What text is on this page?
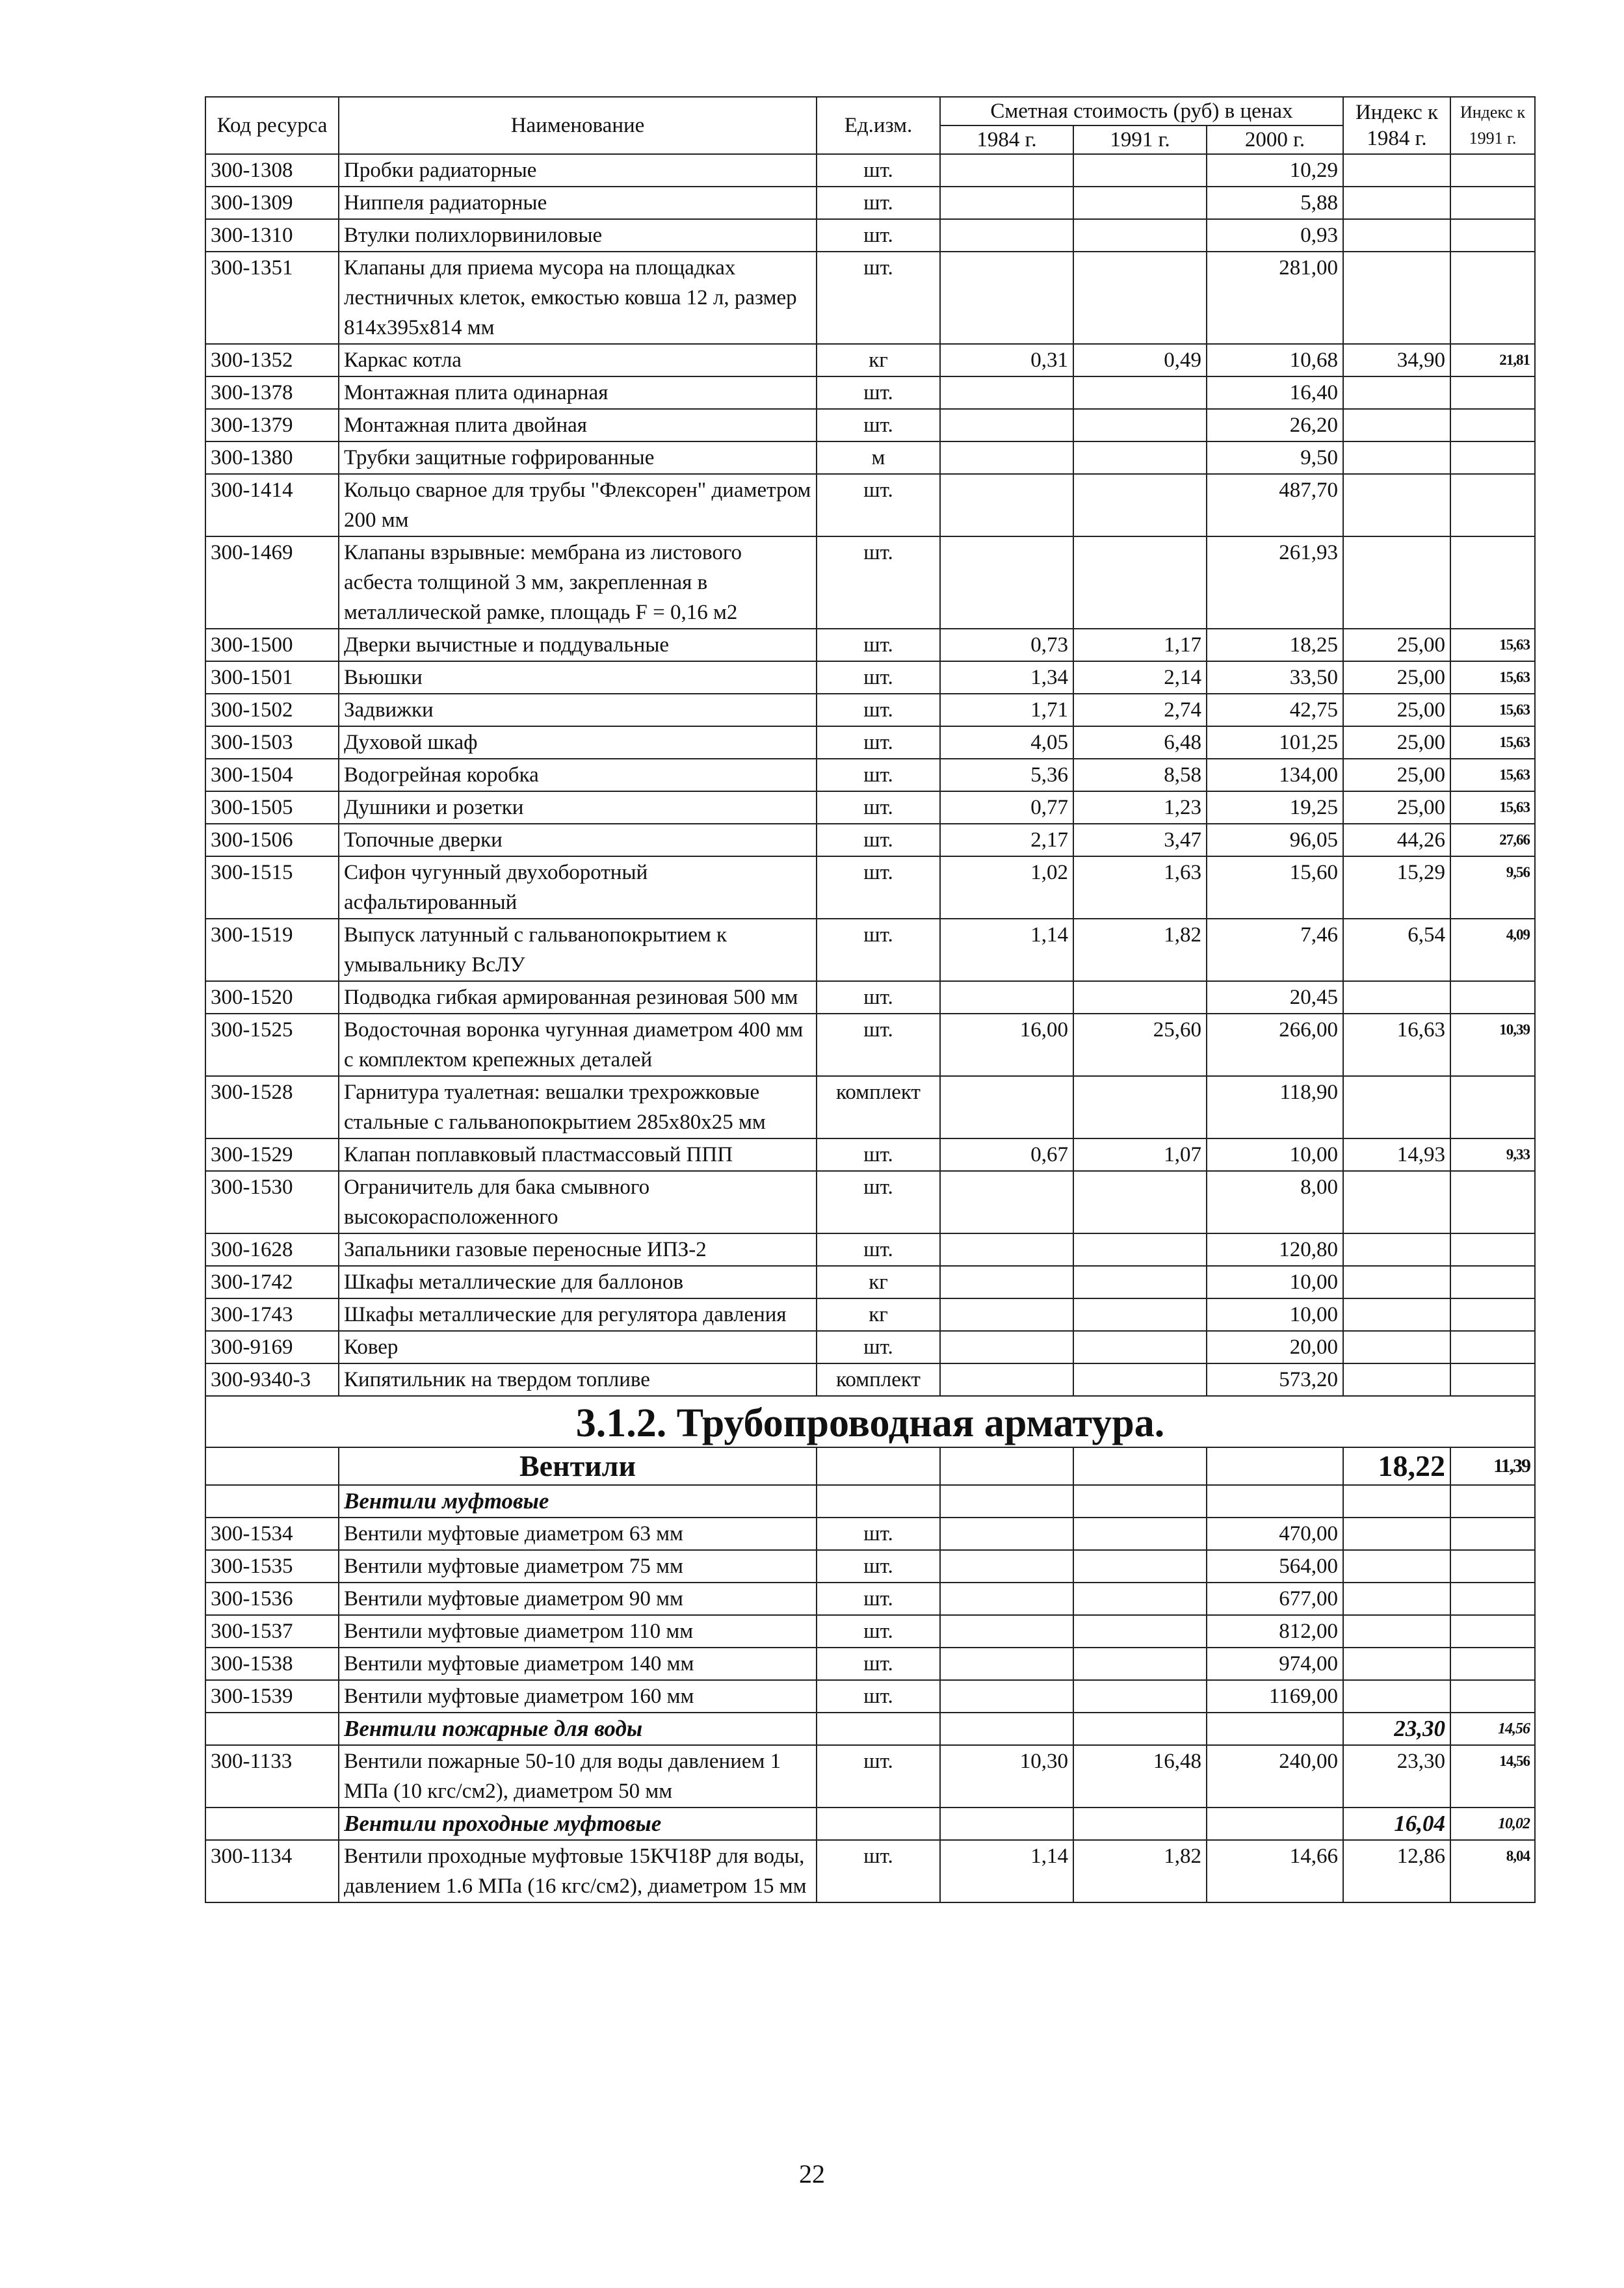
Код ресурса	Наименование	Ед.изм.	Сметная стоимость (руб) в ценах			Индекс к 1984 г.	Индекс к 1991 г.
			1984 г.	1991 г.	2000 г.		
300-1308	Пробки радиаторные	шт.			10,29		
300-1309	Ниппеля радиаторные	шт.			5,88		
300-1310	Втулки полихлорвиниловые	шт.			0,93		
300-1351	Клапаны для приема мусора на площадках лестничных клеток, емкостью ковша 12 л, размер 814х395х814 мм	шт.			281,00		
300-1352	Каркас котла	кг	0,31	0,49	10,68	34,90	21,81
300-1378	Монтажная плита одинарная	шт.			16,40		
300-1379	Монтажная плита двойная	шт.			26,20		
300-1380	Трубки защитные гофрированные	м			9,50		
300-1414	Кольцо сварное для трубы "Флексорен" диаметром 200 мм	шт.			487,70		
300-1469	Клапаны взрывные: мембрана из листового асбеста толщиной 3 мм, закрепленная в металлической рамке, площадь F = 0,16 м2	шт.			261,93		
300-1500	Дверки вычистные и поддувальные	шт.	0,73	1,17	18,25	25,00	15,63
300-1501	Вьюшки	шт.	1,34	2,14	33,50	25,00	15,63
300-1502	Задвижки	шт.	1,71	2,74	42,75	25,00	15,63
300-1503	Духовой шкаф	шт.	4,05	6,48	101,25	25,00	15,63
300-1504	Водогрейная коробка	шт.	5,36	8,58	134,00	25,00	15,63
300-1505	Душники и розетки	шт.	0,77	1,23	19,25	25,00	15,63
300-1506	Топочные дверки	шт.	2,17	3,47	96,05	44,26	27,66
300-1515	Сифон чугунный двухоборотный асфальтированный	шт.	1,02	1,63	15,60	15,29	9,56
300-1519	Выпуск латунный с гальванопокрытием к умывальнику ВсЛУ	шт.	1,14	1,82	7,46	6,54	4,09
300-1520	Подводка гибкая армированная резиновая 500 мм	шт.			20,45		
300-1525	Водосточная воронка чугунная диаметром 400 мм с комплектом крепежных деталей	шт.	16,00	25,60	266,00	16,63	10,39
300-1528	Гарнитура туалетная: вешалки трехрожковые стальные с гальванопокрытием 285х80х25 мм	комплект			118,90		
300-1529	Клапан поплавковый пластмассовый ППП	шт.	0,67	1,07	10,00	14,93	9,33
300-1530	Ограничитель для бака смывного высокорасположенного	шт.			8,00		
300-1628	Запальники газовые переносные ИПЗ-2	шт.			120,80		
300-1742	Шкафы металлические для баллонов	кг			10,00		
300-1743	Шкафы металлические для регулятора давления	кг			10,00		
300-9169	Ковер	шт.			20,00		
300-9340-3	Кипятильник на твердом топливе	комплект			573,20		
3.1.2. Трубопроводная арматура.							
	Вентили					18,22	11,39
	Вентили муфтовые						
300-1534	Вентили муфтовые диаметром 63 мм	шт.			470,00		
300-1535	Вентили муфтовые диаметром 75 мм	шт.			564,00		
300-1536	Вентили муфтовые диаметром 90 мм	шт.			677,00		
300-1537	Вентили муфтовые диаметром 110 мм	шт.			812,00		
300-1538	Вентили муфтовые диаметром 140 мм	шт.			974,00		
300-1539	Вентили муфтовые диаметром 160 мм	шт.			1169,00		
	Вентили пожарные для воды					23,30	14,56
300-1133	Вентили пожарные 50-10 для воды давлением 1 МПа (10 кгс/см2), диаметром 50 мм	шт.	10,30	16,48	240,00	23,30	14,56
	Вентили проходные муфтовые					16,04	10,02
300-1134	Вентили проходные муфтовые 15КЧ18Р для воды, давлением 1.6 МПа (16 кгс/см2), диаметром 15 мм	шт.	1,14	1,82	14,66	12,86	8,04
22
